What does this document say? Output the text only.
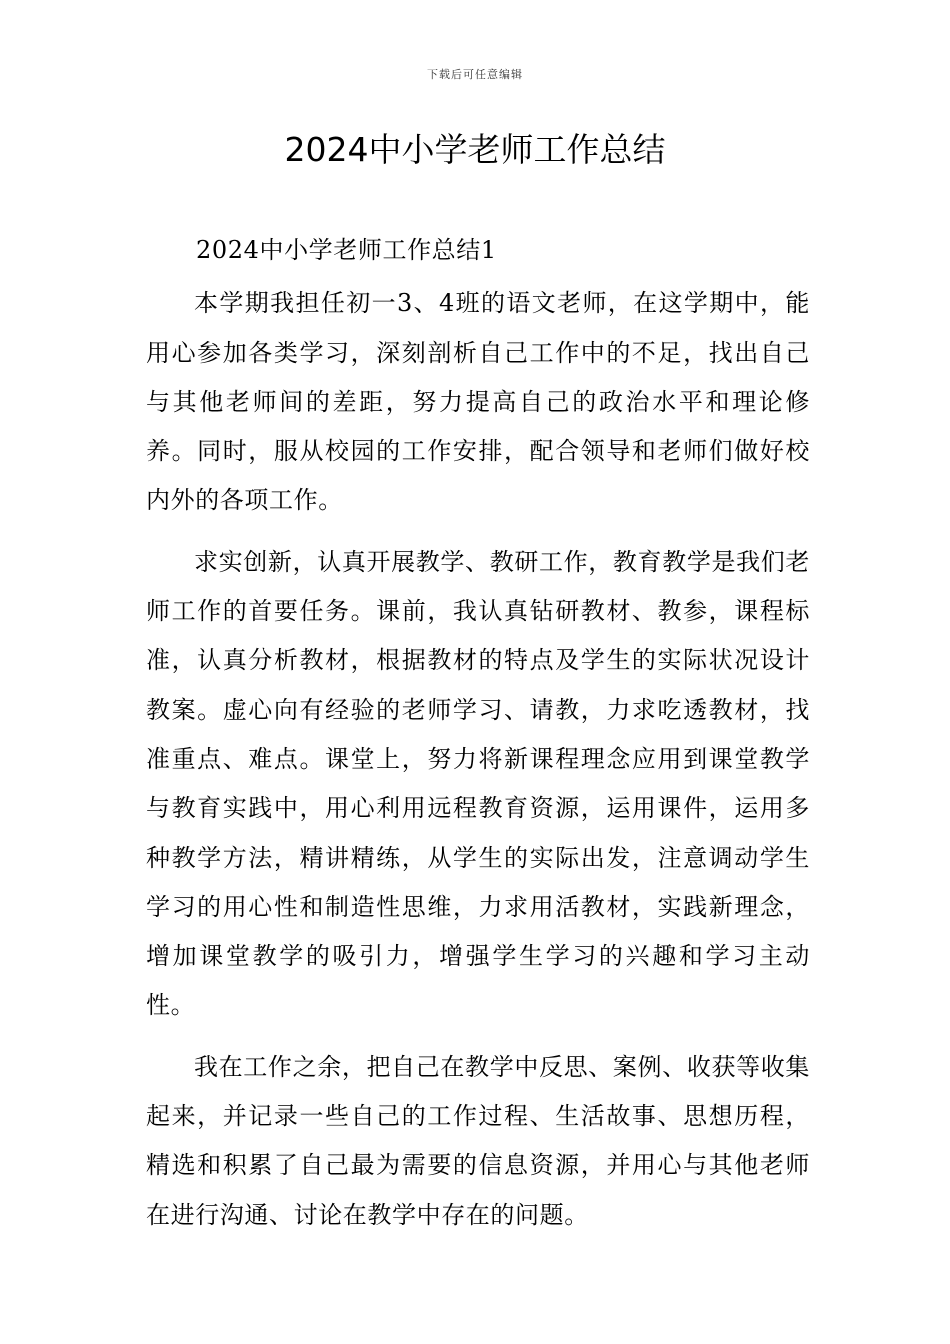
下载后可任意编辑
2024中小学老师工作总结

2024中小学老师工作总结1

本学期我担任初一3、4班的语文老师，在这学期中，能用心参加各类学习，深刻剖析自己工作中的不足，找出自己与其他老师间的差距，努力提高自己的政治水平和理论修养。同时，服从校园的工作安排，配合领导和老师们做好校内外的各项工作。

求实创新，认真开展教学、教研工作，教育教学是我们老师工作的首要任务。课前，我认真钻研教材、教参，课程标准，认真分析教材，根据教材的特点及学生的实际状况设计教案。虚心向有经验的老师学习、请教，力求吃透教材，找准重点、难点。课堂上，努力将新课程理念应用到课堂教学与教育实践中，用心利用远程教育资源，运用课件，运用多种教学方法，精讲精练，从学生的实际出发，注意调动学生学习的用心性和制造性思维，力求用活教材，实践新理念，增加课堂教学的吸引力，增强学生学习的兴趣和学习主动性。

我在工作之余，把自己在教学中反思、案例、收获等收集起来，并记录一些自己的工作过程、生活故事、思想历程，精选和积累了自己最为需要的信息资源，并用心与其他老师在进行沟通、讨论在教学中存在的问题。
